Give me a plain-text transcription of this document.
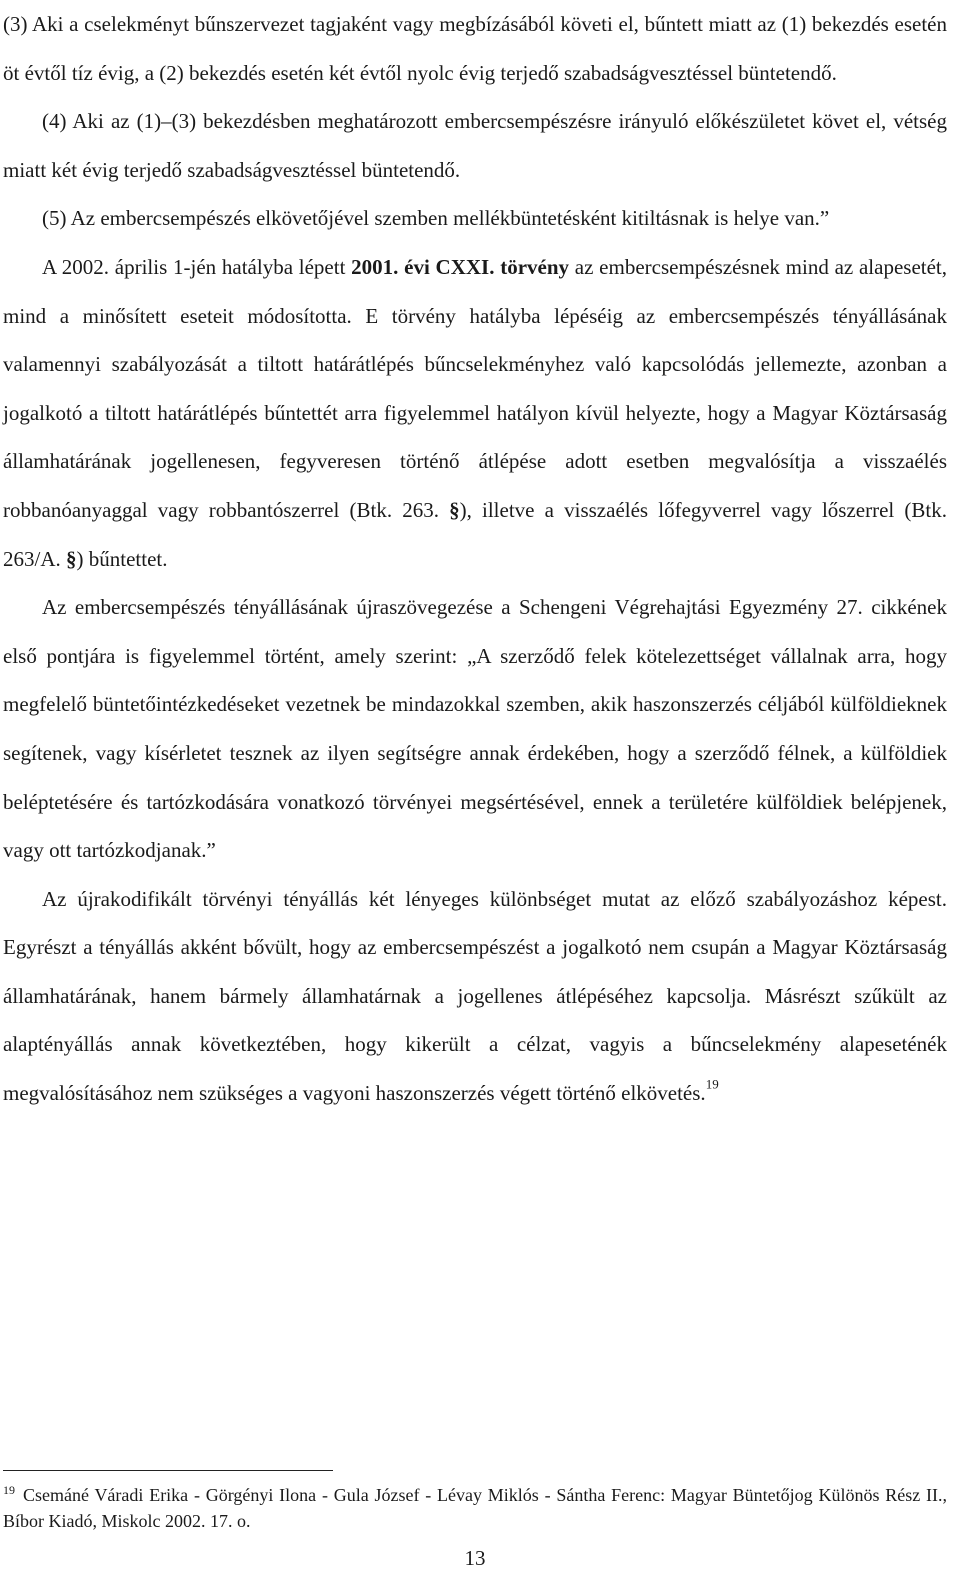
(3) Aki a cselekményt bűnszervezet tagjaként vagy megbízásából követi el, bűntett miatt az (1) bekezdés esetén öt évtől tíz évig, a (2) bekezdés esetén két évtől nyolc évig terjedő szabadságvesztéssel büntetendő.

(4) Aki az (1)–(3) bekezdésben meghatározott embercsempészésre irányuló előkészületet követ el, vétség miatt két évig terjedő szabadságvesztéssel büntetendő.

(5) Az embercsempészés elkövetőjével szemben mellékbüntetésként kitiltásnak is helye van.”

A 2002. április 1-jén hatályba lépett 2001. évi CXXI. törvény az embercsempészésnek mind az alapesetét, mind a minősített eseteit módosította. E törvény hatályba lépéséig az embercsempészés tényállásának valamennyi szabályozását a tiltott határátlépés bűncselekményhez való kapcsolódás jellemezte, azonban a jogalkotó a tiltott határátlépés bűntettét arra figyelemmel hatályon kívül helyezte, hogy a Magyar Köztársaság államhatárának jogellenesen, fegyveresen történő átlépése adott esetben megvalósítja a visszaélés robbanóanyaggal vagy robbantószerrel (Btk. 263. §), illetve a visszaélés lőfegyverrel vagy lőszerrel (Btk. 263/A. §) bűntettet.

Az embercsempészés tényállásának újraszövegezése a Schengeni Végrehajtási Egyezmény 27. cikkének első pontjára is figyelemmel történt, amely szerint: „A szerződő felek kötelezettséget vállalnak arra, hogy megfelelő büntetőintézkedéseket vezetnek be mindazokkal szemben, akik haszonszerzés céljából külföldieknek segítenek, vagy kísérletet tesznek az ilyen segítségre annak érdekében, hogy a szerződő félnek, a külföldiek beléptetésére és tartózkodására vonatkozó törvényei megsértésével, ennek a területére külföldiek belépjenek, vagy ott tartózkodjanak.”

Az újrakodifikált törvényi tényállás két lényeges különbséget mutat az előző szabályozáshoz képest. Egyrészt a tényállás akként bővült, hogy az embercsempészést a jogalkotó nem csupán a Magyar Köztársaság államhatárának, hanem bármely államhatárnak a jogellenes átlépéséhez kapcsolja. Másrészt szűkült az alaptényállás annak következtében, hogy kikerült a célzat, vagyis a bűncselekmény alapeseténék megvalósításához nem szükséges a vagyoni haszonszerzés végett történő elkövetés.$^{19}$

$^{19}$ Csemáné Váradi Erika - Görgényi Ilona - Gula József - Lévay Miklós - Sántha Ferenc: Magyar Büntetőjog Különös Rész II., Bíbor Kiadó, Miskolc 2002. 17. o.

13
